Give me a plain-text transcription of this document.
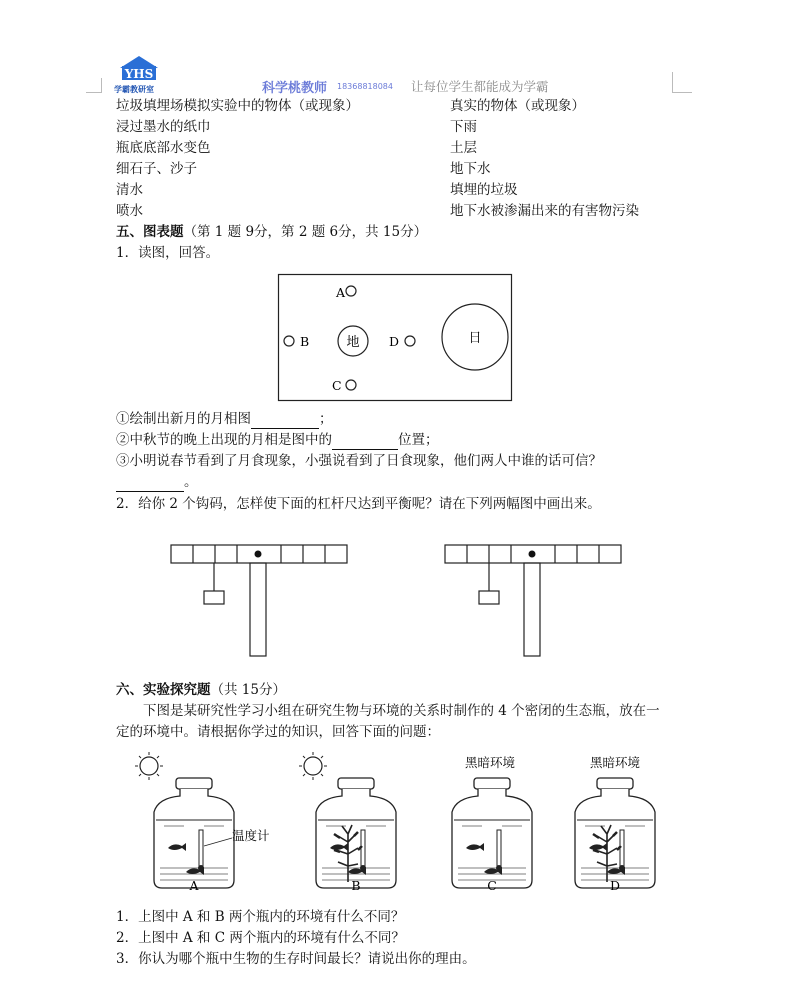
YHS
学霸教研室	科学桃教师 18368818084 让每位学生都能成为学霸
垃圾填埋场模拟实验中的物体（或现象）	真实的物体（或现象）
浸过墨水的纸巾	下雨
瓶底底部水变色	土层
细石子、沙子	地下水
清水	填埋的垃圾
喷水	地下水被渗漏出来的有害物污染
五、图表题（第 1 题 9分，第 2 题 6分，共 15分）
1．读图，回答。
A
B	地 D	日
C
①绘制出新月的月相图	；
②中秋节的晚上出现的月相是图中的	位置；
③小明说春节看到了月食现象，小强说看到了日食现象，他们两人中谁的话可信？
。
2．给你 2 个钩码，怎样使下面的杠杆尺达到平衡呢？请在下列两幅图中画出来。
六、实验探究题（共 15分）
下图是某研究性学习小组在研究生物与环境的关系时制作的 4 个密闭的生态瓶，放在一
定的环境中。请根据你学过的知识，回答下面的问题：
温度计
A	B
黑暗环境
C
黑暗环境
D
1．上图中 A 和 B 两个瓶内的环境有什么不同？
2．上图中 A 和 C 两个瓶内的环境有什么不同？
3．你认为哪个瓶中生物的生存时间最长？请说出你的理由。
